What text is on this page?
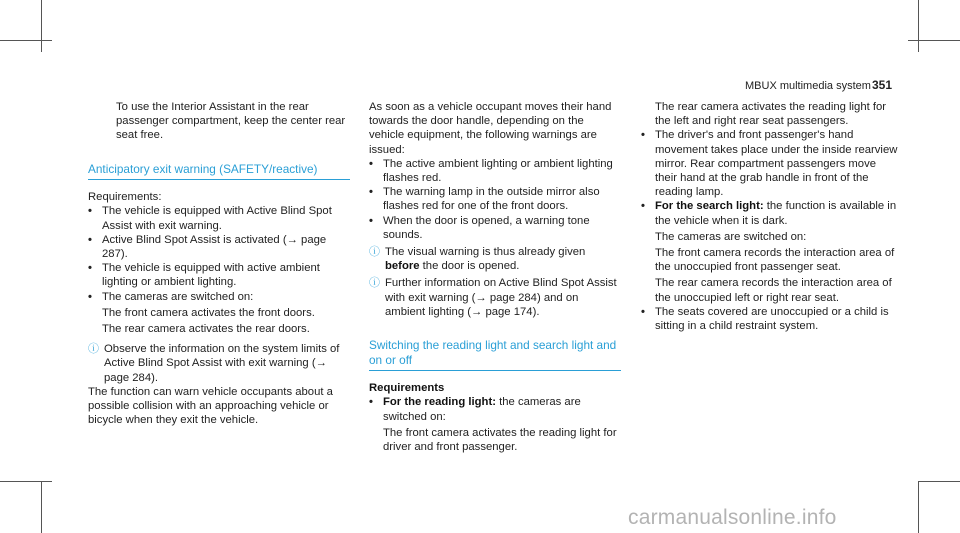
MBUX multimedia system 351

To use the Interior Assistant in the rear passenger compartment, keep the center rear seat free.

Anticipatory exit warning (SAFETY/reactive)

Requirements:

• The vehicle is equipped with Active Blind Spot Assist with exit warning.

• Active Blind Spot Assist is activated (→ page 287).

• The vehicle is equipped with active ambient lighting or ambient lighting.

• The cameras are switched on:

The front camera activates the front doors.

The rear camera activates the rear doors.

ⓘ Observe the information on the system limits of Active Blind Spot Assist with exit warning (→ page 284).

The function can warn vehicle occupants about a possible collision with an approaching vehicle or bicycle when they exit the vehicle.

As soon as a vehicle occupant moves their hand towards the door handle, depending on the vehicle equipment, the following warnings are issued:

• The active ambient lighting or ambient lighting flashes red.

• The warning lamp in the outside mirror also flashes red for one of the front doors.

• When the door is opened, a warning tone sounds.

ⓘ The visual warning is thus already given before the door is opened.

ⓘ Further information on Active Blind Spot Assist with exit warning (→ page 284) and on ambient lighting (→ page 174).

Switching the reading light and search light and on or off

Requirements

• For the reading light: the cameras are switched on:

The front camera activates the reading light for driver and front passenger.

The rear camera activates the reading light for the left and right rear seat passengers.

• The driver's and front passenger's hand movement takes place under the inside rearview mirror. Rear compartment passengers move their hand at the grab handle in front of the reading lamp.

• For the search light: the function is available in the vehicle when it is dark.

The cameras are switched on:

The front camera records the interaction area of the unoccupied front passenger seat.

The rear camera records the interaction area of the unoccupied left or right rear seat.

• The seats covered are unoccupied or a child is sitting in a child restraint system.

carmanualsonline.info
